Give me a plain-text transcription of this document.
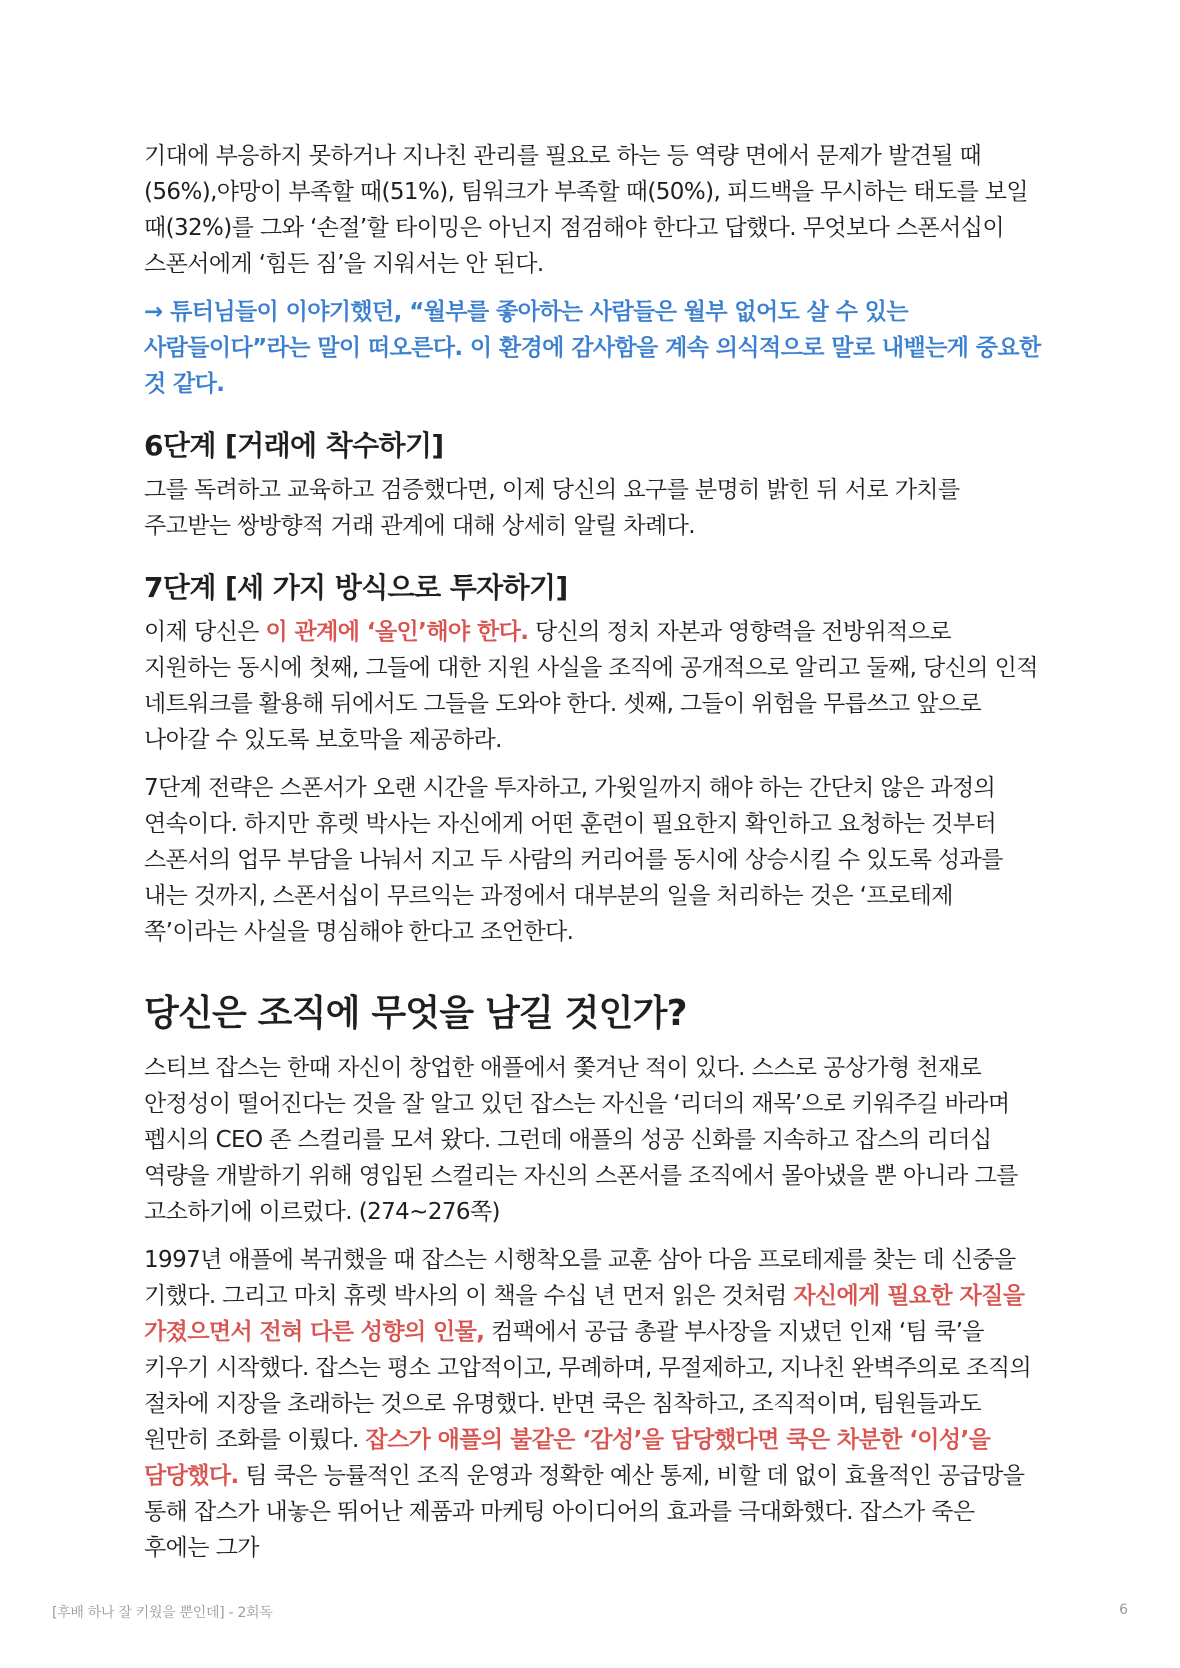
기대에 부응하지 못하거나 지나친 관리를 필요로 하는 등 역량 면에서 문제가 발견될 때(56%),야망이 부족할 때(51%), 팀워크가 부족할 때(50%), 피드백을 무시하는 태도를 보일 때(32%)를 그와 ‘손절’할 타이밍은 아닌지 점검해야 한다고 답했다. 무엇보다 스폰서십이 스폰서에게 ‘힘든 짐’을 지워서는 안 된다.

→ 튜터님들이 이야기했던, “월부를 좋아하는 사람들은 월부 없어도 살 수 있는 사람들이다”라는 말이 떠오른다. 이 환경에 감사함을 계속 의식적으로 말로 내뱉는게 중요한 것 같다.

6단계 [거래에 착수하기]

그를 독려하고 교육하고 검증했다면, 이제 당신의 요구를 분명히 밝힌 뒤 서로 가치를 주고받는 쌍방향적 거래 관계에 대해 상세히 알릴 차례다.

7단계 [세 가지 방식으로 투자하기]

이제 당신은 이 관계에 ‘올인’해야 한다. 당신의 정치 자본과 영향력을 전방위적으로 지원하는 동시에 첫째, 그들에 대한 지원 사실을 조직에 공개적으로 알리고 둘째, 당신의 인적 네트워크를 활용해 뒤에서도 그들을 도와야 한다. 셋째, 그들이 위험을 무릅쓰고 앞으로 나아갈 수 있도록 보호막을 제공하라.

7단계 전략은 스폰서가 오랜 시간을 투자하고, 가윗일까지 해야 하는 간단치 않은 과정의 연속이다. 하지만 휴렛 박사는 자신에게 어떤 훈련이 필요한지 확인하고 요청하는 것부터 스폰서의 업무 부담을 나눠서 지고 두 사람의 커리어를 동시에 상승시킬 수 있도록 성과를 내는 것까지, 스폰서십이 무르익는 과정에서 대부분의 일을 처리하는 것은 ‘프로테제 쪽’이라는 사실을 명심해야 한다고 조언한다.

당신은 조직에 무엇을 남길 것인가?

스티브 잡스는 한때 자신이 창업한 애플에서 쫓겨난 적이 있다. 스스로 공상가형 천재로 안정성이 떨어진다는 것을 잘 알고 있던 잡스는 자신을 ‘리더의 재목’으로 키워주길 바라며 펩시의 CEO 존 스컬리를 모셔 왔다. 그런데 애플의 성공 신화를 지속하고 잡스의 리더십 역량을 개발하기 위해 영입된 스컬리는 자신의 스폰서를 조직에서 몰아냈을 뿐 아니라 그를 고소하기에 이르렀다. (274~276쪽)

1997년 애플에 복귀했을 때 잡스는 시행착오를 교훈 삼아 다음 프로테제를 찾는 데 신중을 기했다. 그리고 마치 휴렛 박사의 이 책을 수십 년 먼저 읽은 것처럼 자신에게 필요한 자질을 가졌으면서 전혀 다른 성향의 인물, 컴팩에서 공급 총괄 부사장을 지냈던 인재 ‘팀 쿡’을 키우기 시작했다. 잡스는 평소 고압적이고, 무례하며, 무절제하고, 지나친 완벽주의로 조직의 절차에 지장을 초래하는 것으로 유명했다. 반면 쿡은 침착하고, 조직적이며, 팀원들과도 원만히 조화를 이뤘다. 잡스가 애플의 불같은 ‘감성’을 담당했다면 쿡은 차분한 ‘이성’을 담당했다. 팀 쿡은 능률적인 조직 운영과 정확한 예산 통제, 비할 데 없이 효율적인 공급망을 통해 잡스가 내놓은 뛰어난 제품과 마케팅 아이디어의 효과를 극대화했다. 잡스가 죽은 후에는 그가

[후배 하나 잘 키웠을 뿐인데] - 2회독	6
